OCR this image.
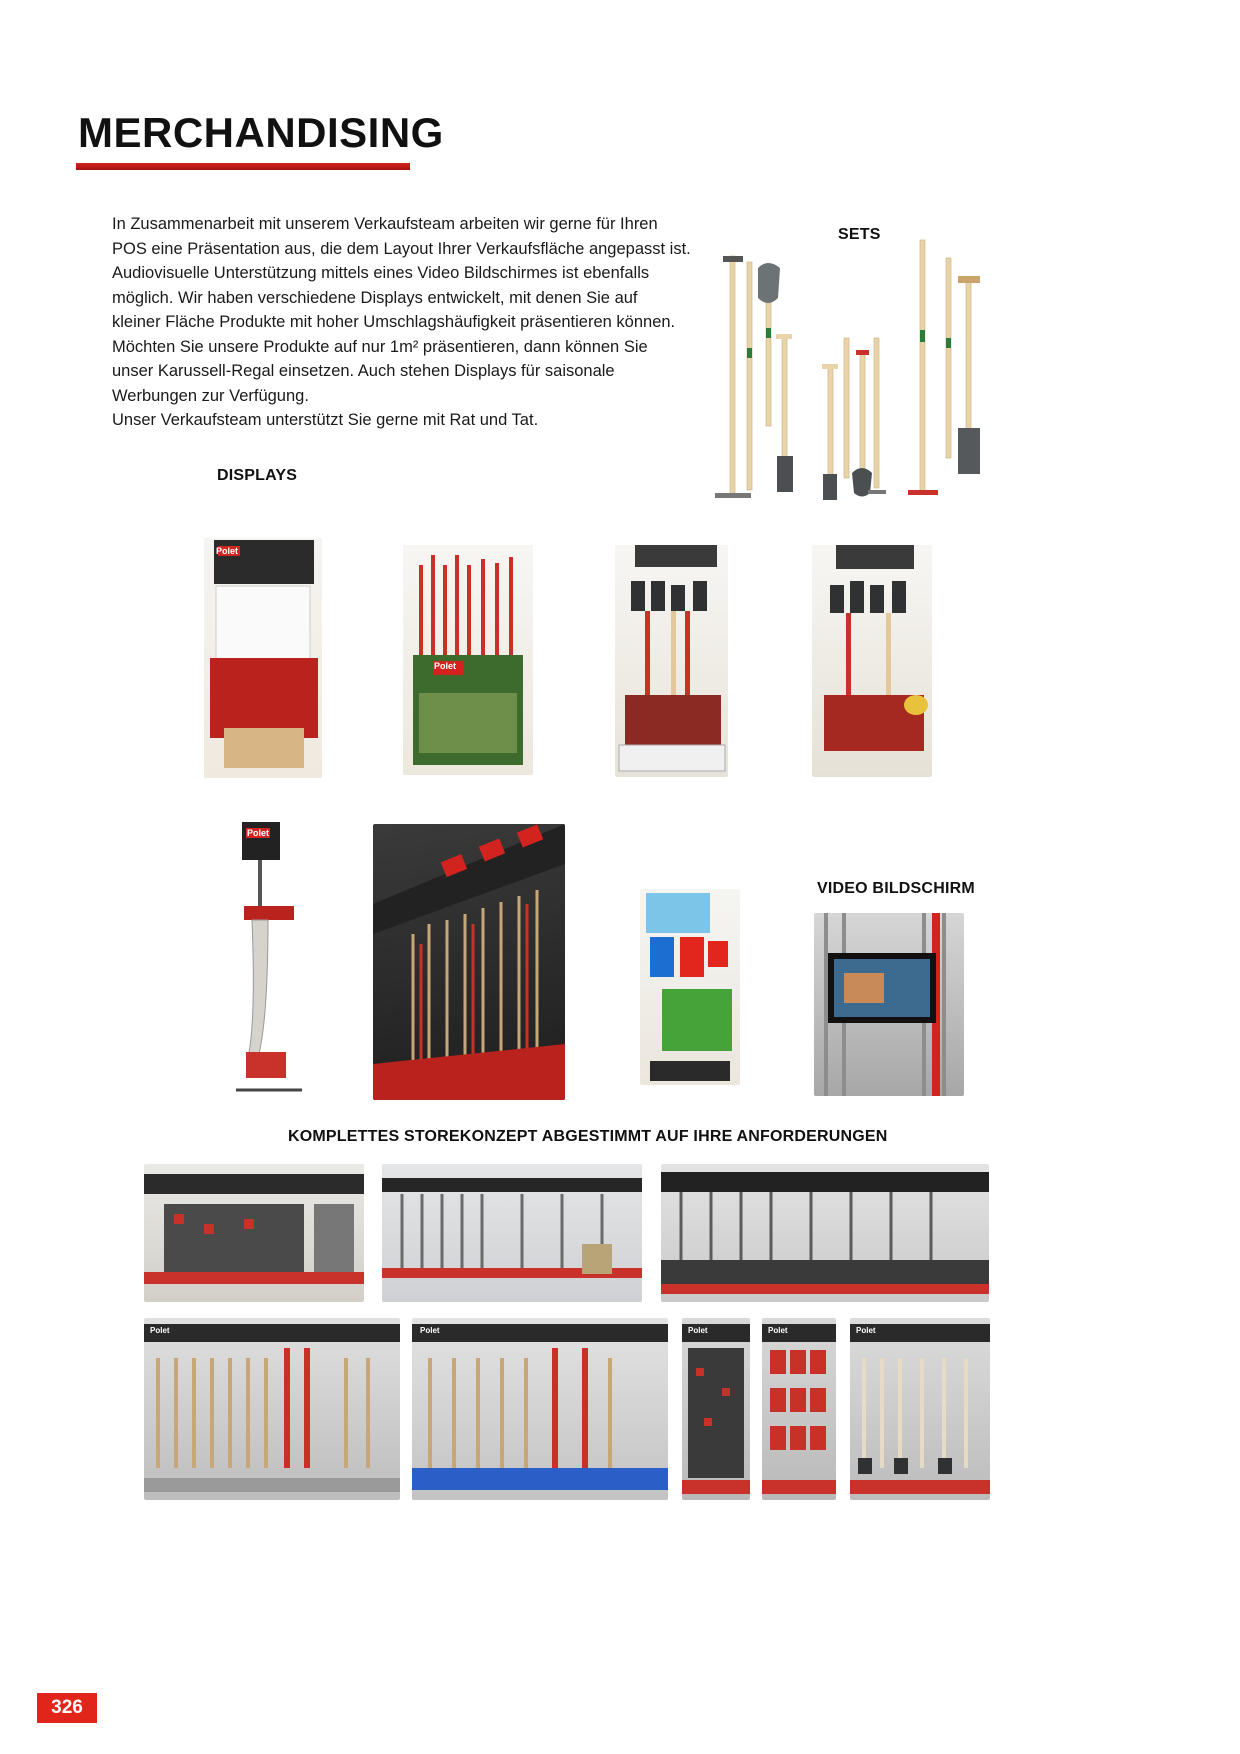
MERCHANDISING

In Zusammenarbeit mit unserem Verkaufsteam arbeiten wir gerne für Ihren

POS eine Präsentation aus, die dem Layout Ihrer Verkaufsfläche angepasst ist.

Audiovisuelle Unterstützung mittels eines Video Bildschirmes ist ebenfalls

möglich. Wir haben verschiedene Displays entwickelt, mit denen Sie auf

kleiner Fläche Produkte mit hoher Umschlagshäufigkeit präsentieren können.

Möchten Sie unsere Produkte auf nur 1m² präsentieren, dann können Sie

unser Karussell-Regal einsetzen. Auch stehen Displays für saisonale

Werbungen zur Verfügung.

Unser Verkaufsteam unterstützt Sie gerne mit Rat und Tat.

SETS
DISPLAYS
Polet
Polet
Polet
VIDEO BILDSCHIRM
KOMPLETTES STOREKONZEPT ABGESTIMMT AUF IHRE ANFORDERUNGEN
Polet	Polet	Polet	Polet	Polet
326
